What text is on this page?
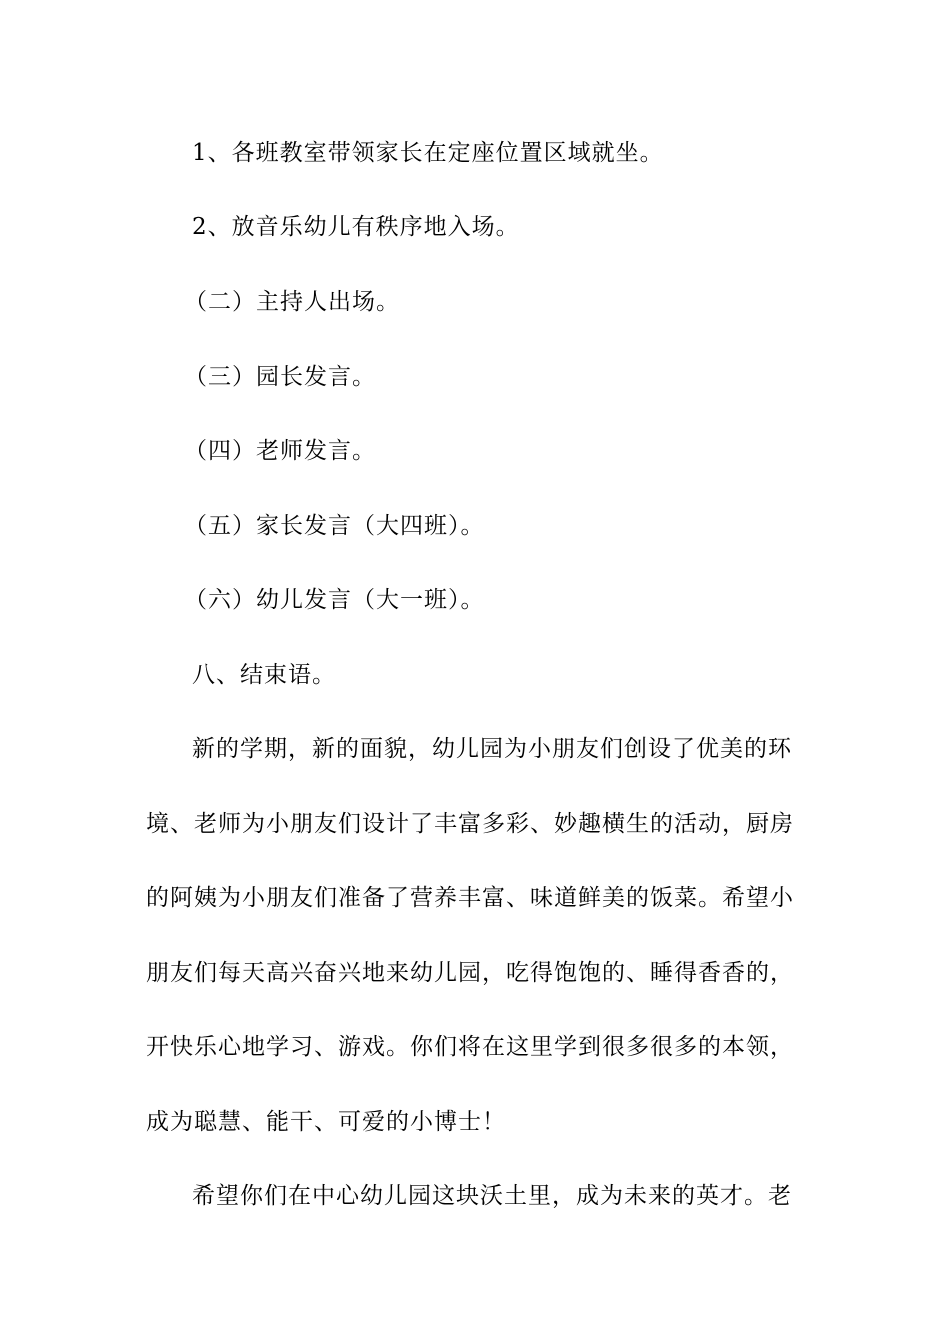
1、各班教室带领家长在定座位置区域就坐。
2、放音乐幼儿有秩序地入场。
（二）主持人出场。
（三）园长发言。
（四）老师发言。
（五）家长发言（大四班）。
（六）幼儿发言（大一班）。
八、结束语。
新的学期，新的面貌，幼儿园为小朋友们创设了优美的环
境、老师为小朋友们设计了丰富多彩、妙趣横生的活动，厨房
的阿姨为小朋友们准备了营养丰富、味道鲜美的饭菜。希望小
朋友们每天高兴奋兴地来幼儿园，吃得饱饱的、睡得香香的，
开快乐心地学习、游戏。你们将在这里学到很多很多的本领，
成为聪慧、能干、可爱的小博士！
希望你们在中心幼儿园这块沃土里，成为未来的英才。老
